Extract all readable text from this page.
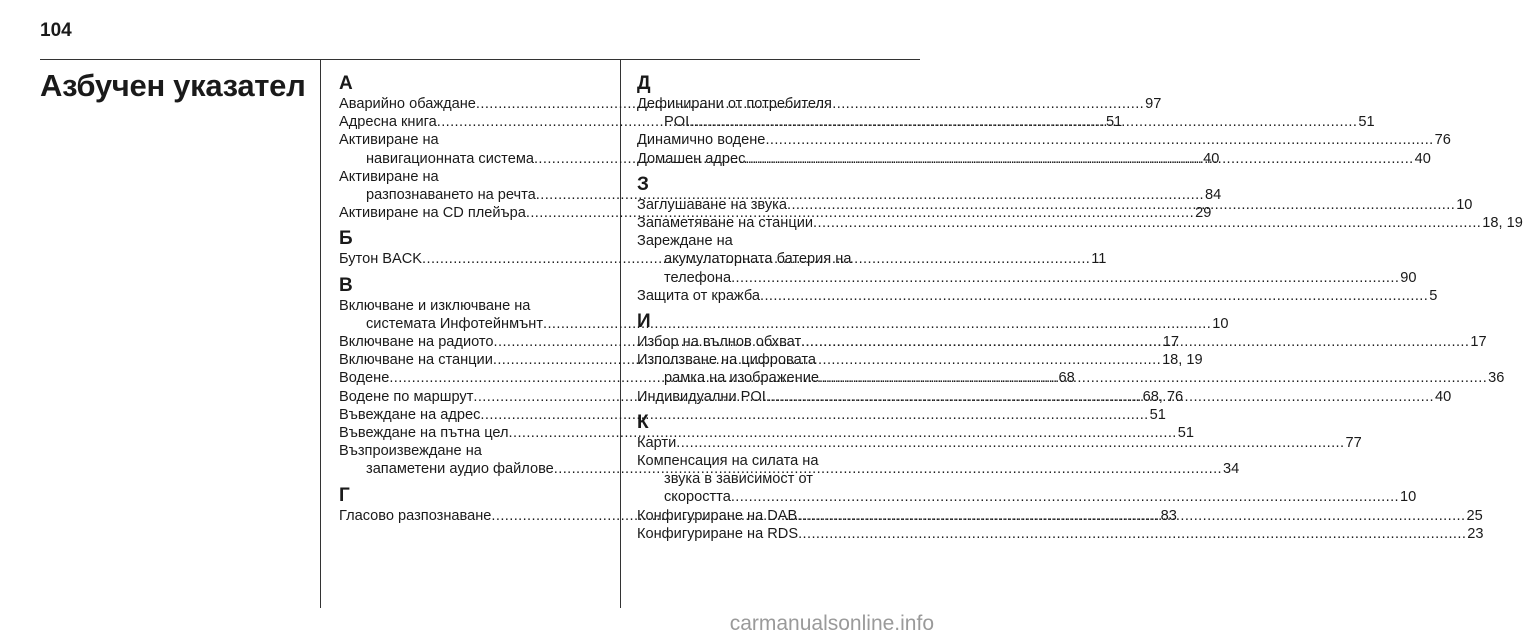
104
Азбучен указател А
Аварийно обаждане .....	97
Адресна книга .....	51
Активиране на
навигационната система .....	40
Активиране на
разпознаването на речта .....	84
Активиране на CD плейъра .....	29
Б
Бутон BACK .....	11
В
Включване и изключване на
системата Инфотейнмънт .....	10
Включване на радиото .....	17
Включване на станции .....	18, 19
Водене .....	68
Водене по маршрут .....	68, 76
Въвеждане на адрес .....	51
Въвеждане на пътна цел .....	51
Възпроизвеждане на
запаметени аудио файлове .....	34
Г
Гласово разпознаване .....	83
Д
Дефинирани от потребителя
POI .....	51
Динамично водене .....	76
Домашен адрес .....	40
З
Заглушаване на звука .....	10
Запаметяване на станции .....	18, 19
Зареждане на
акумулаторната батерия на
телефона .....	90
Защита от кражба .....	5
И
Избор на вълнов обхват .....	17
Използване на цифровата
рамка на изображение .....	36
Индивидуални POI .....	40
К
Карти .....	77
Компенсация на силата на
звука в зависимост от
скоростта .....	10
Конфигуриране на DAB .....	25
Конфигуриране на RDS .....	23
carmanualsonline.info
